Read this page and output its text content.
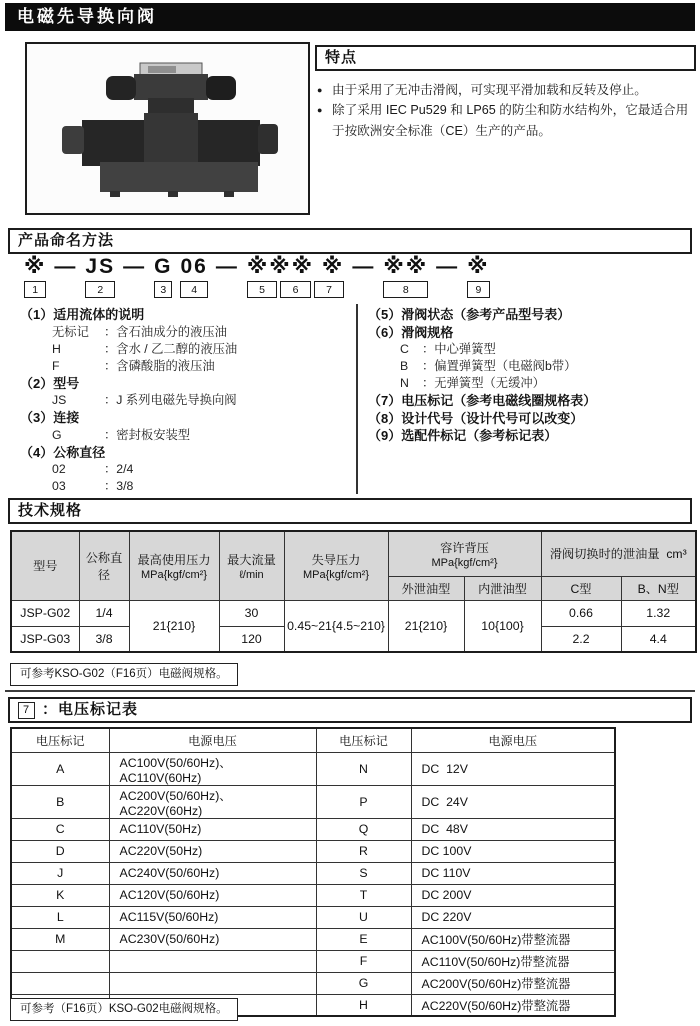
电磁先导换向阀
特点
● 由于采用了无冲击滑阀，可实现平滑加载和反转及停止。
● 除了采用 IEC Pu529 和 LP65 的防尘和防水结构外，它最适合用于按欧洲安全标准（CE）生产的产品。
产品命名方法
※
1
— JS
2
— G
3
06
4
— ※※※ ※
5	6	7
— ※※
8
— ※
9
（1） 适用流体的说明
无标记	：含石油成分的液压油
H	：含水 / 乙二醇的液压油
F	：含磷酸脂的液压油
（2） 型号
JS	：J 系列电磁先导换向阀
（3） 连接
G	：密封板安装型
（4） 公称直径
02	：2/4
03	：3/8
（5） 滑阀状态（参考产品型号表）
（6） 滑阀规格
C	：中心弹簧型
B	：偏置弹簧型（电磁阀b带）
N	：无弹簧型（无缓冲）
（7） 电压标记（参考电磁线圈规格表）
（8） 设计代号（设计代号可以改变）
（9） 选配件标记（参考标记表）
技术规格
型号	公称直径	
最高使用压力
MPa{kgf/cm²}

最大流量
ℓ/min

失导压力
MPa{kgf/cm²}

容许背压
MPa{kgf/cm²}
	滑阀切换时的泄油量  cm³
					外泄油型	内泄油型	C型	B、N型
JSP-G02	1/4	21{210}	30	0.45~21{4.5~210}	21{210}	10{100}	0.66	1.32
JSP-G03	3/8		120				2.2	4.4
可参考KSO-G02（F16页）电磁阀规格。
7 ：电压标记表
电压标记	电源电压	电压标记	电源电压
A	AC100V(50/60Hz)、AC110V(60Hz)	N	DC  12V
B	AC200V(50/60Hz)、AC220V(60Hz)	P	DC  24V
C	AC110V(50Hz)	Q	DC  48V
D	AC220V(50Hz)	R	DC 100V
J	AC240V(50/60Hz)	S	DC 110V
K	AC120V(50/60Hz)	T	DC 200V
L	AC115V(50/60Hz)	U	DC 220V
M	AC230V(50/60Hz)	E	AC100V(50/60Hz)带整流器
		F	AC110V(50/60Hz)带整流器
		G	AC200V(50/60Hz)带整流器
		H	AC220V(50/60Hz)带整流器
可参考（F16页）KSO-G02电磁阀规格。
